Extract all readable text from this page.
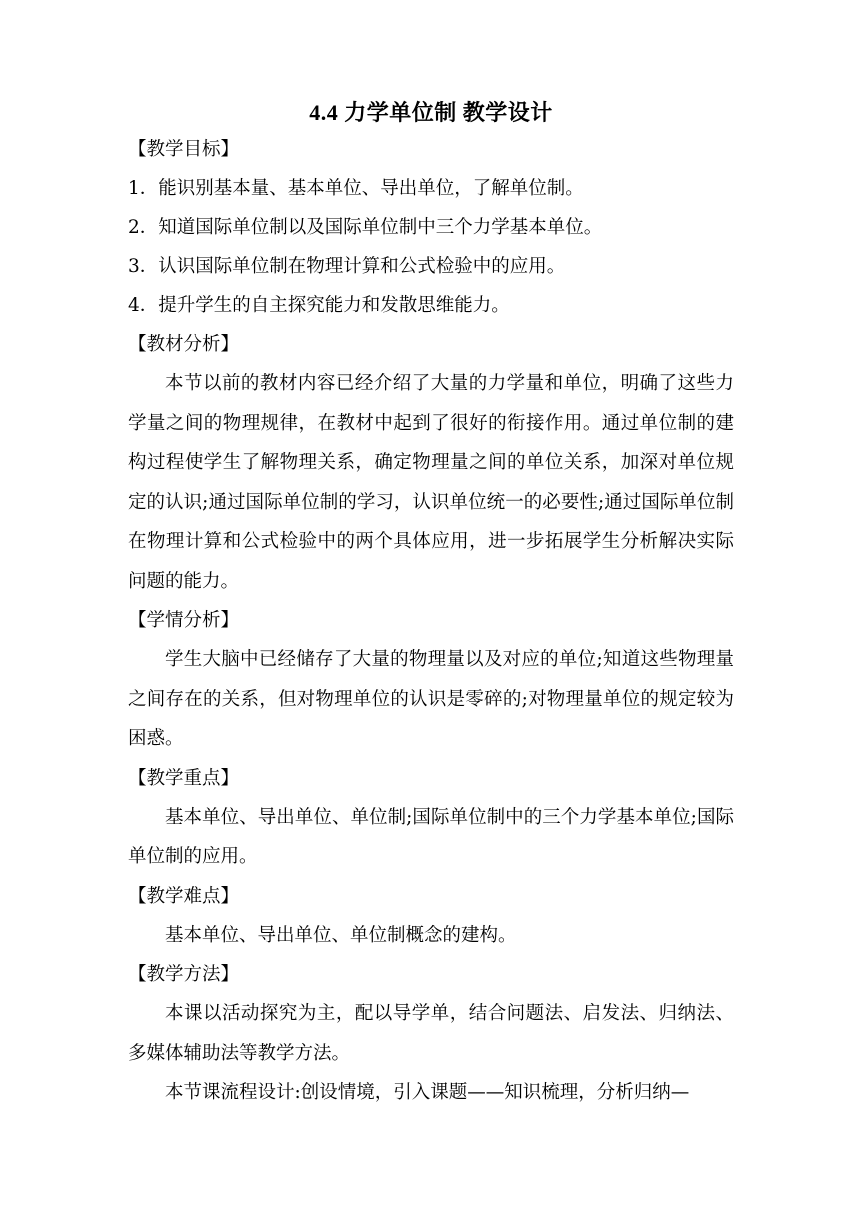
4.4 力学单位制 教学设计

【教学目标】

1．能识别基本量、基本单位、导出单位，了解单位制。

2．知道国际单位制以及国际单位制中三个力学基本单位。

3．认识国际单位制在物理计算和公式检验中的应用。

4．提升学生的自主探究能力和发散思维能力。

【教材分析】

本节以前的教材内容已经介绍了大量的力学量和单位，明确了这些力学量之间的物理规律，在教材中起到了很好的衔接作用。通过单位制的建构过程使学生了解物理关系，确定物理量之间的单位关系，加深对单位规定的认识;通过国际单位制的学习，认识单位统一的必要性;通过国际单位制在物理计算和公式检验中的两个具体应用，进一步拓展学生分析解决实际问题的能力。

【学情分析】

学生大脑中已经储存了大量的物理量以及对应的单位;知道这些物理量之间存在的关系，但对物理单位的认识是零碎的;对物理量单位的规定较为困惑。

【教学重点】

基本单位、导出单位、单位制;国际单位制中的三个力学基本单位;国际单位制的应用。

【教学难点】

基本单位、导出单位、单位制概念的建构。

【教学方法】

本课以活动探究为主，配以导学单，结合问题法、启发法、归纳法、多媒体辅助法等教学方法。

本节课流程设计:创设情境，引入课题——知识梳理，分析归纳—
